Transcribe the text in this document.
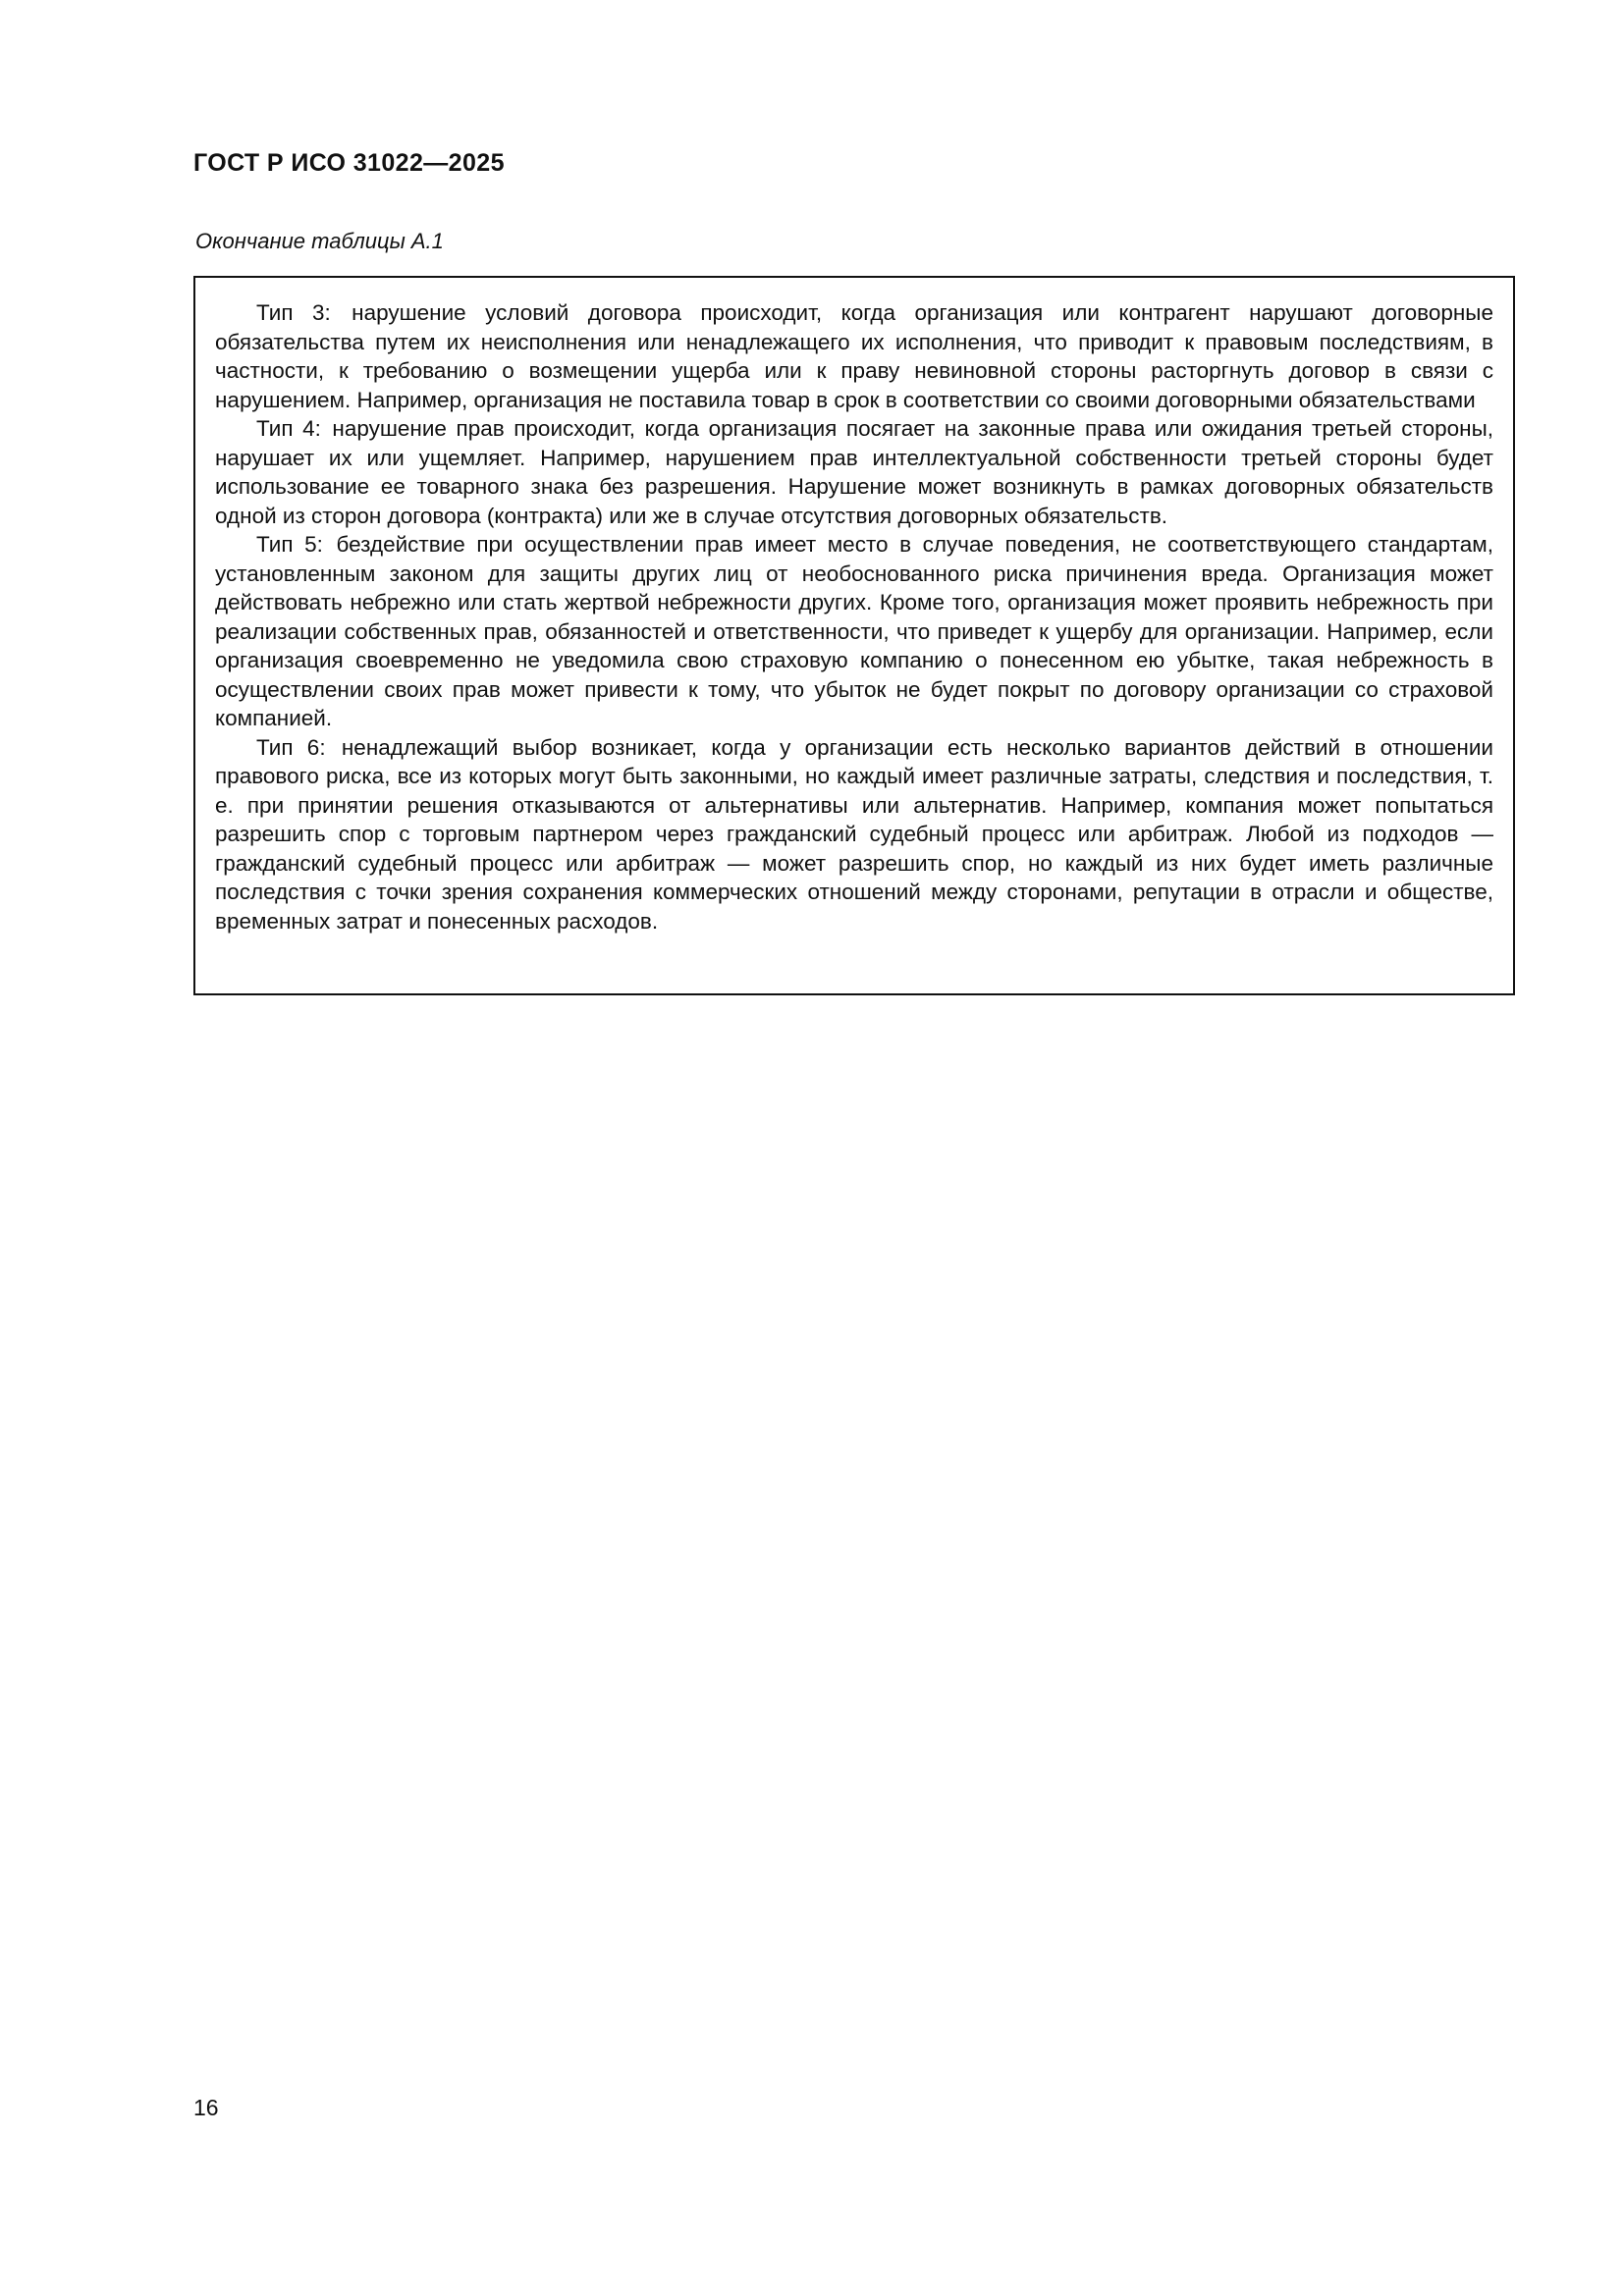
ГОСТ Р ИСО 31022—2025
Окончание таблицы А.1

Тип 3: нарушение условий договора происходит, когда организация или контрагент нарушают договорные обязательства путем их неисполнения или ненадлежащего их исполнения, что приводит к правовым последствиям, в частности, к требованию о возмещении ущерба или к праву невиновной стороны расторгнуть договор в связи с нарушением. Например, организация не поставила товар в срок в соответствии со своими договорными обязательствами

Тип 4: нарушение прав происходит, когда организация посягает на законные права или ожидания третьей стороны, нарушает их или ущемляет. Например, нарушением прав интеллектуальной собственности третьей стороны будет использование ее товарного знака без разрешения. Нарушение может возникнуть в рамках договорных обязательств одной из сторон договора (контракта) или же в случае отсутствия договорных обязательств.

Тип 5: бездействие при осуществлении прав имеет место в случае поведения, не соответствующего стандартам, установленным законом для защиты других лиц от необоснованного риска причинения вреда. Организация может действовать небрежно или стать жертвой небрежности других. Кроме того, организация может проявить небрежность при реализации собственных прав, обязанностей и ответственности, что приведет к ущербу для организации. Например, если организация своевременно не уведомила свою страховую компанию о понесенном ею убытке, такая небрежность в осуществлении своих прав может привести к тому, что убыток не будет покрыт по договору организации со страховой компанией.

Тип 6: ненадлежащий выбор возникает, когда у организации есть несколько вариантов действий в отношении правового риска, все из которых могут быть законными, но каждый имеет различные затраты, следствия и последствия, т. е. при принятии решения отказываются от альтернативы или альтернатив. Например, компания может попытаться разрешить спор с торговым партнером через гражданский судебный процесс или арбитраж. Любой из подходов — гражданский судебный процесс или арбитраж — может разрешить спор, но каждый из них будет иметь различные последствия с точки зрения сохранения коммерческих отношений между сторонами, репутации в отрасли и обществе, временных затрат и понесенных расходов.

16
